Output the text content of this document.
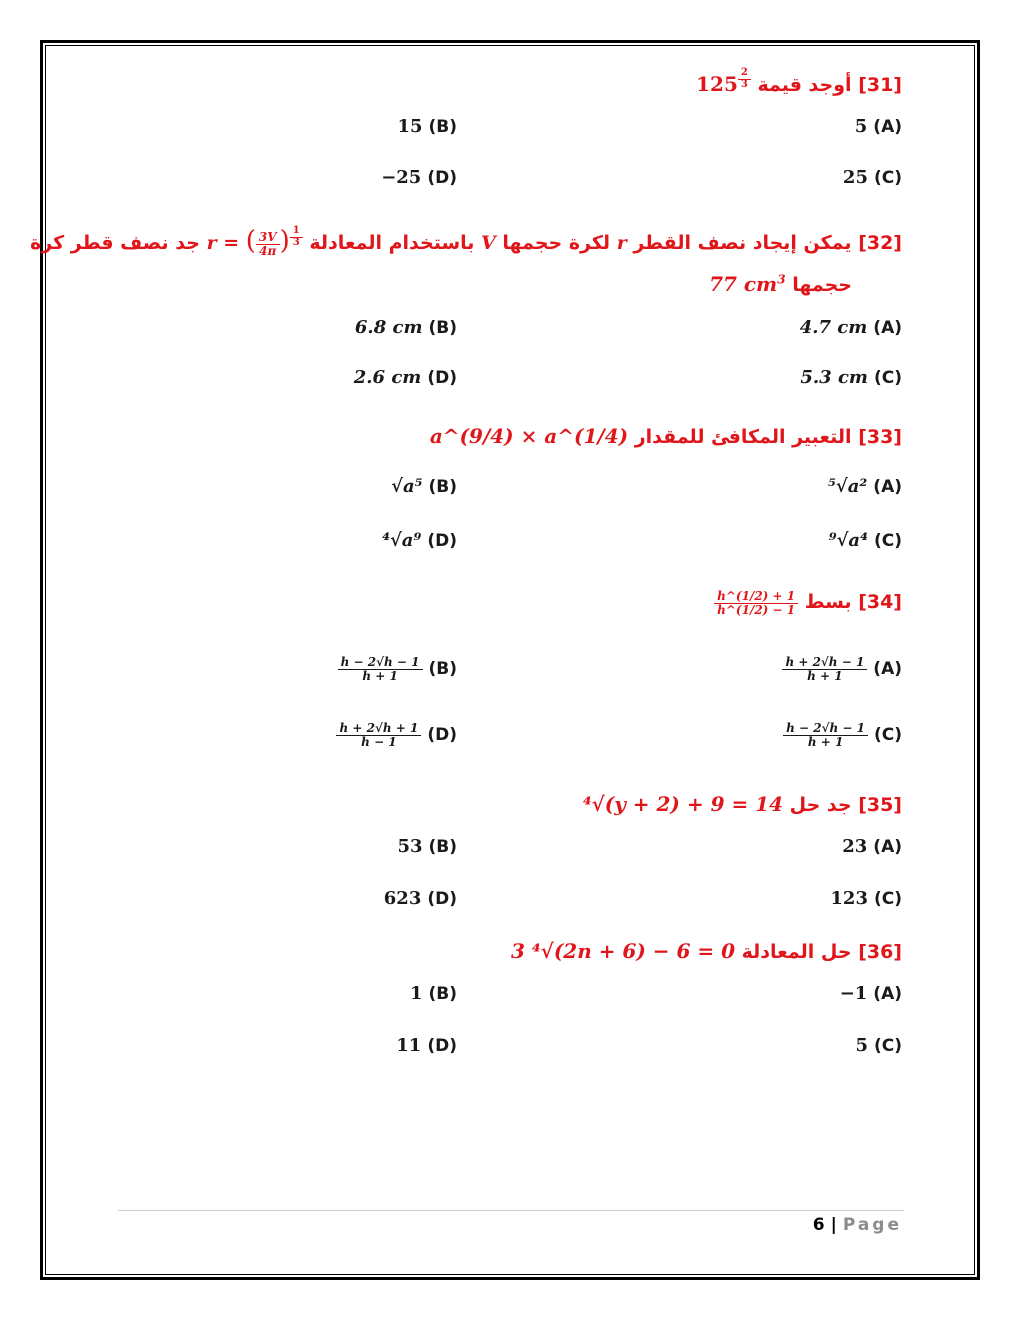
[31] أوجد قيمة $125 \frac{2}{3}$
5 (A)
15 (B)
25 (C)
−25 (D)
[32] يمكن إيجاد نصف القطر r لكرة حجمها V باستخدام المعادلة r = ( $\frac{3V}{4\pi}$ ) $\frac{1}{3}$
جد نصف قطر كرة
حجمها 77 $cm^3$
4.7 cm (A)
6.8 cm (B)
5.3 cm (C)
2.6 cm (D)
[33] التعبير المكافئ للمقدار a^(9/4) × a^(1/4)
⁵√a² (A)
√a⁵ (B)
⁹√a⁴ (C)
⁴√a⁹ (D)
[34] بسط
$\frac{h\^{}(1/2) + 1}{h\^{}(1/2) - 1}$
$\frac{h + 2√h - 1}{h + 1} (A)$
$\frac{h - 2√h - 1}{h + 1} (B)$
$\frac{h - 2√h - 1}{h + 1} (C)$
$\frac{h + 2√h + 1}{h - 1} (D)$
[35] جد حل ⁴√(y + 2) + 9 = 14
23 (A)
53 (B)
123 (C)
623 (D)
[36] حل المعادلة 3 ⁴√(2n + 6) − 6 = 0
−1 (A)
1 (B)
5 (C)
11 (D)
6 | Page
